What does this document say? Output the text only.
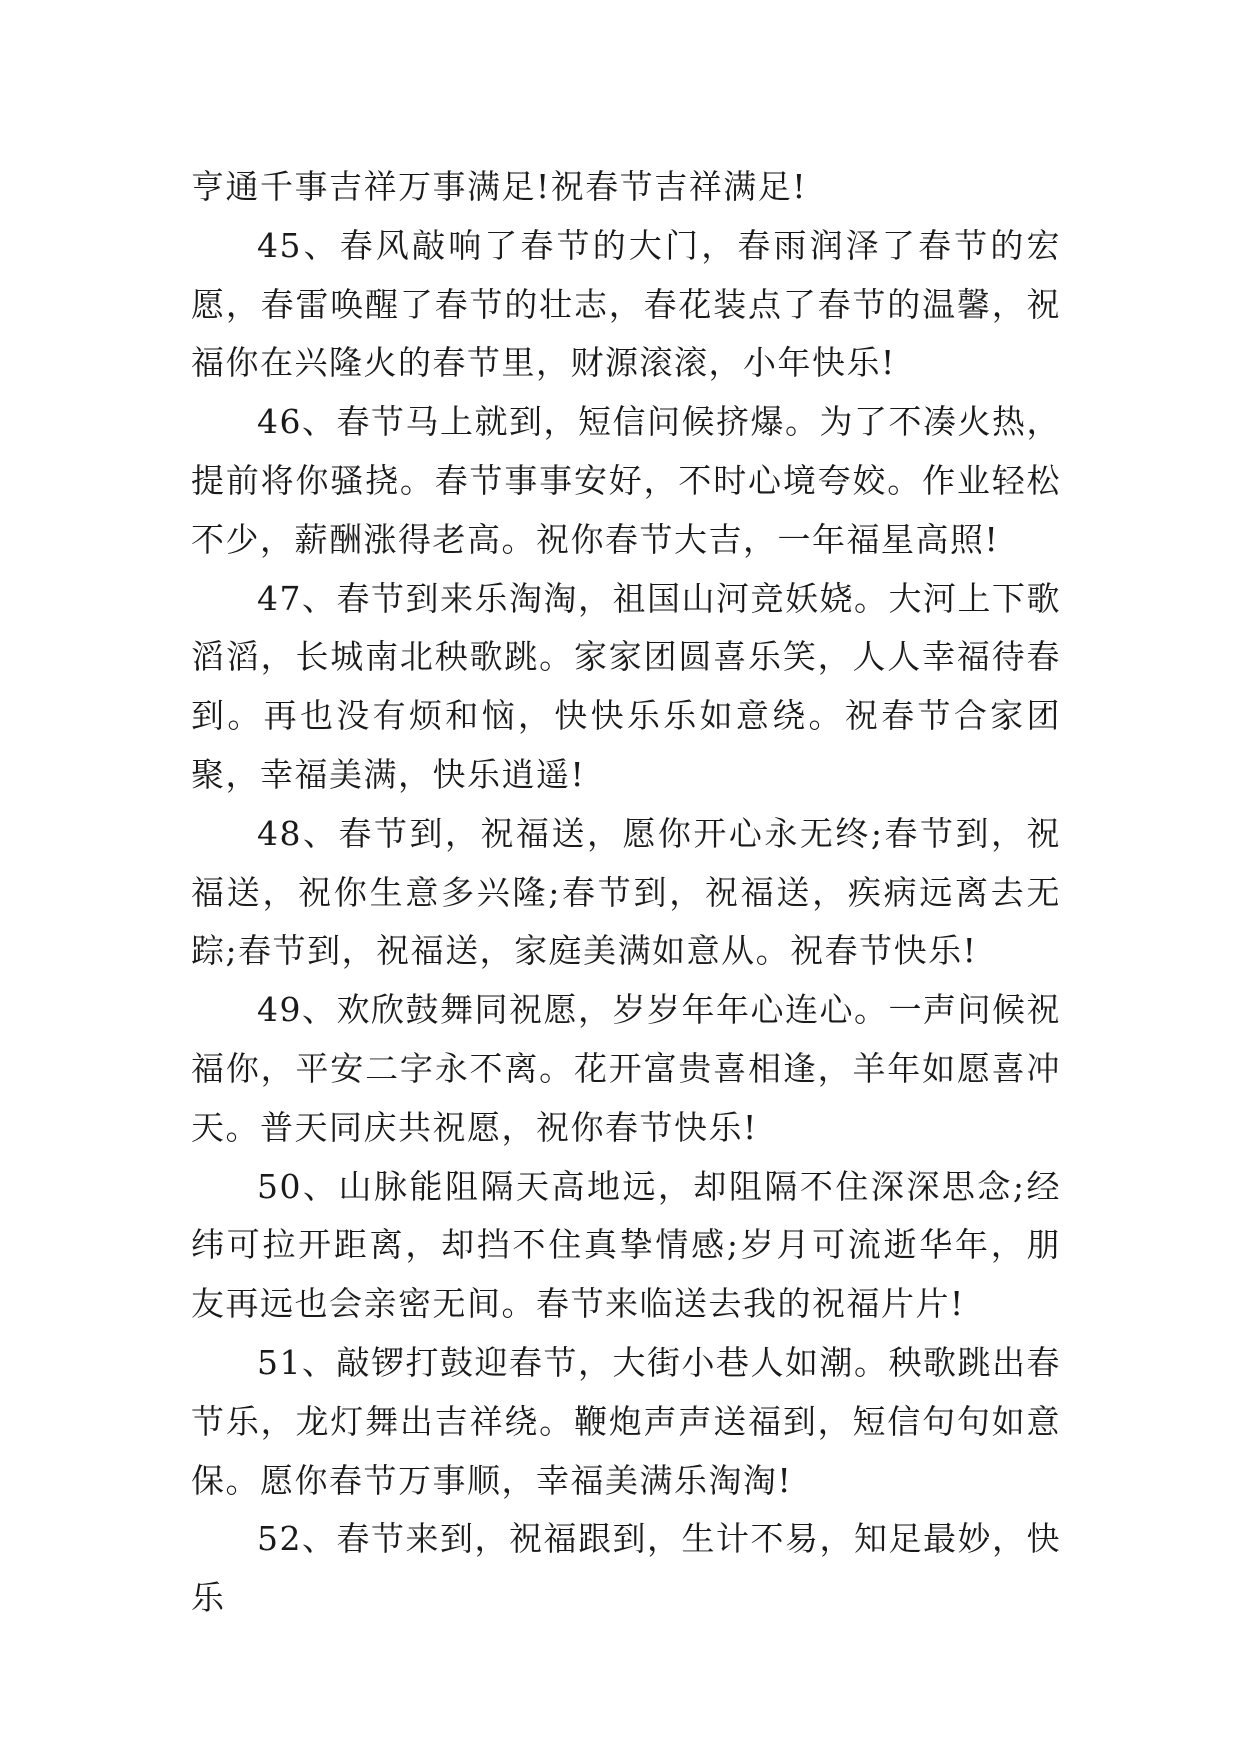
亨通千事吉祥万事满足!祝春节吉祥满足!

45、春风敲响了春节的大门，春雨润泽了春节的宏愿，春雷唤醒了春节的壮志，春花装点了春节的温馨，祝福你在兴隆火的春节里，财源滚滚，小年快乐!

46、春节马上就到，短信问候挤爆。为了不凑火热，提前将你骚挠。春节事事安好，不时心境夸姣。作业轻松不少，薪酬涨得老高。祝你春节大吉，一年福星高照!

47、春节到来乐淘淘，祖国山河竞妖娆。大河上下歌滔滔，长城南北秧歌跳。家家团圆喜乐笑，人人幸福待春到。再也没有烦和恼，快快乐乐如意绕。祝春节合家团聚，幸福美满，快乐逍遥!

48、春节到，祝福送，愿你开心永无终;春节到，祝福送，祝你生意多兴隆;春节到，祝福送，疾病远离去无踪;春节到，祝福送，家庭美满如意从。祝春节快乐!

49、欢欣鼓舞同祝愿，岁岁年年心连心。一声问候祝福你，平安二字永不离。花开富贵喜相逢，羊年如愿喜冲天。普天同庆共祝愿，祝你春节快乐!

50、山脉能阻隔天高地远，却阻隔不住深深思念;经纬可拉开距离，却挡不住真挚情感;岁月可流逝华年，朋友再远也会亲密无间。春节来临送去我的祝福片片!

51、敲锣打鼓迎春节，大街小巷人如潮。秧歌跳出春节乐，龙灯舞出吉祥绕。鞭炮声声送福到，短信句句如意保。愿你春节万事顺，幸福美满乐淘淘!

52、春节来到，祝福跟到，生计不易，知足最妙，快乐
